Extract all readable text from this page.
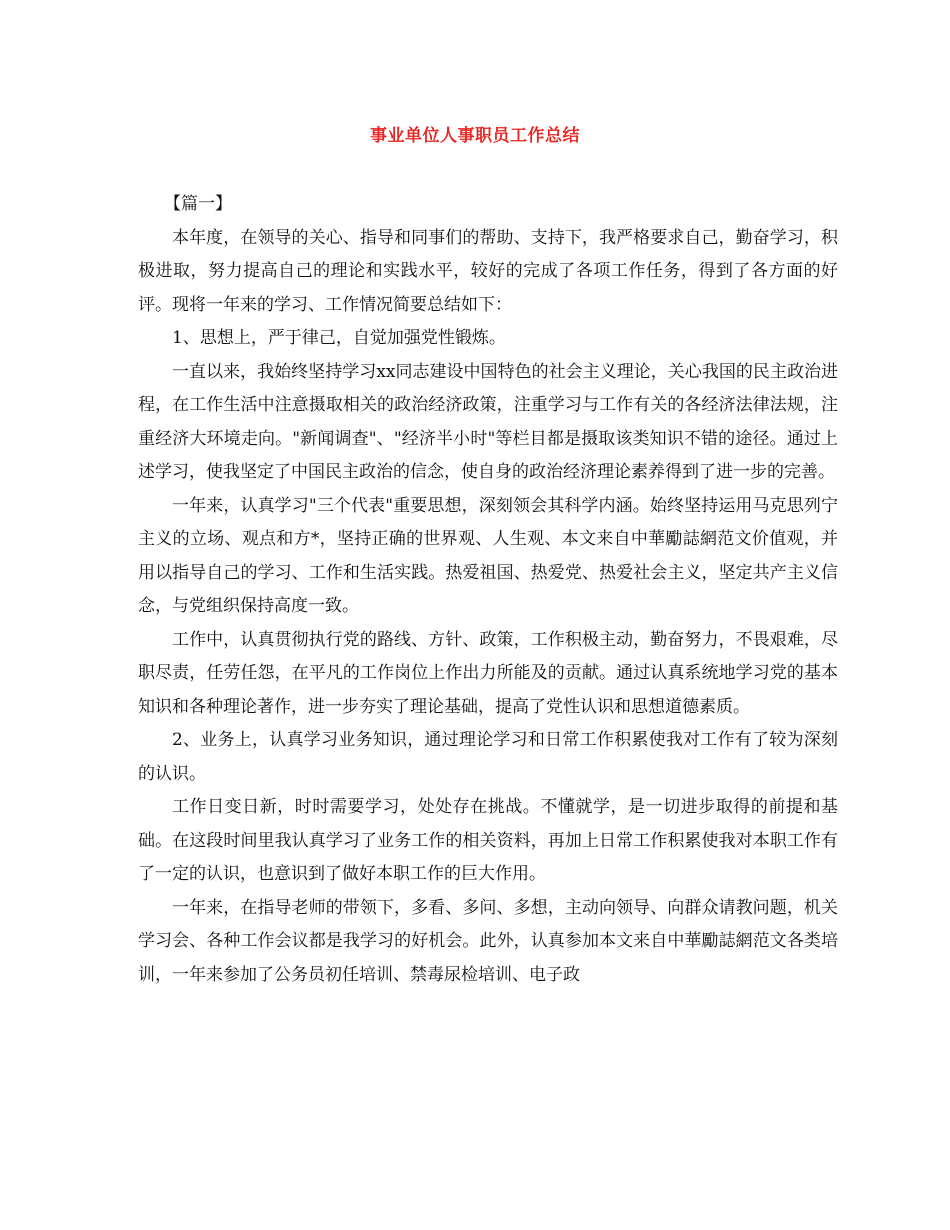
事业单位人事职员工作总结

【篇一】

本年度，在领导的关心、指导和同事们的帮助、支持下，我严格要求自己，勤奋学习，积极进取，努力提高自己的理论和实践水平，较好的完成了各项工作任务，得到了各方面的好评。现将一年来的学习、工作情况简要总结如下：

1、思想上，严于律己，自觉加强党性锻炼。

一直以来，我始终坚持学习xx同志建设中国特色的社会主义理论，关心我国的民主政治进程，在工作生活中注意摄取相关的政治经济政策，注重学习与工作有关的各经济法律法规，注重经济大环境走向。"新闻调查"、"经济半小时"等栏目都是摄取该类知识不错的途径。通过上述学习，使我坚定了中国民主政治的信念，使自身的政治经济理论素养得到了进一步的完善。

一年来，认真学习"三个代表"重要思想，深刻领会其科学内涵。始终坚持运用马克思列宁主义的立场、观点和方*，坚持正确的世界观、人生观、本文来自中華勵誌網范文价值观，并用以指导自己的学习、工作和生活实践。热爱祖国、热爱党、热爱社会主义，坚定共产主义信念，与党组织保持高度一致。

工作中，认真贯彻执行党的路线、方针、政策，工作积极主动，勤奋努力，不畏艰难，尽职尽责，任劳任怨，在平凡的工作岗位上作出力所能及的贡献。通过认真系统地学习党的基本知识和各种理论著作，进一步夯实了理论基础，提高了党性认识和思想道德素质。

2、业务上，认真学习业务知识，通过理论学习和日常工作积累使我对工作有了较为深刻的认识。

工作日变日新，时时需要学习，处处存在挑战。不懂就学，是一切进步取得的前提和基础。在这段时间里我认真学习了业务工作的相关资料，再加上日常工作积累使我对本职工作有了一定的认识，也意识到了做好本职工作的巨大作用。

一年来，在指导老师的带领下，多看、多问、多想，主动向领导、向群众请教问题，机关学习会、各种工作会议都是我学习的好机会。此外，认真参加本文来自中華勵誌網范文各类培训，一年来参加了公务员初任培训、禁毒尿检培训、电子政
